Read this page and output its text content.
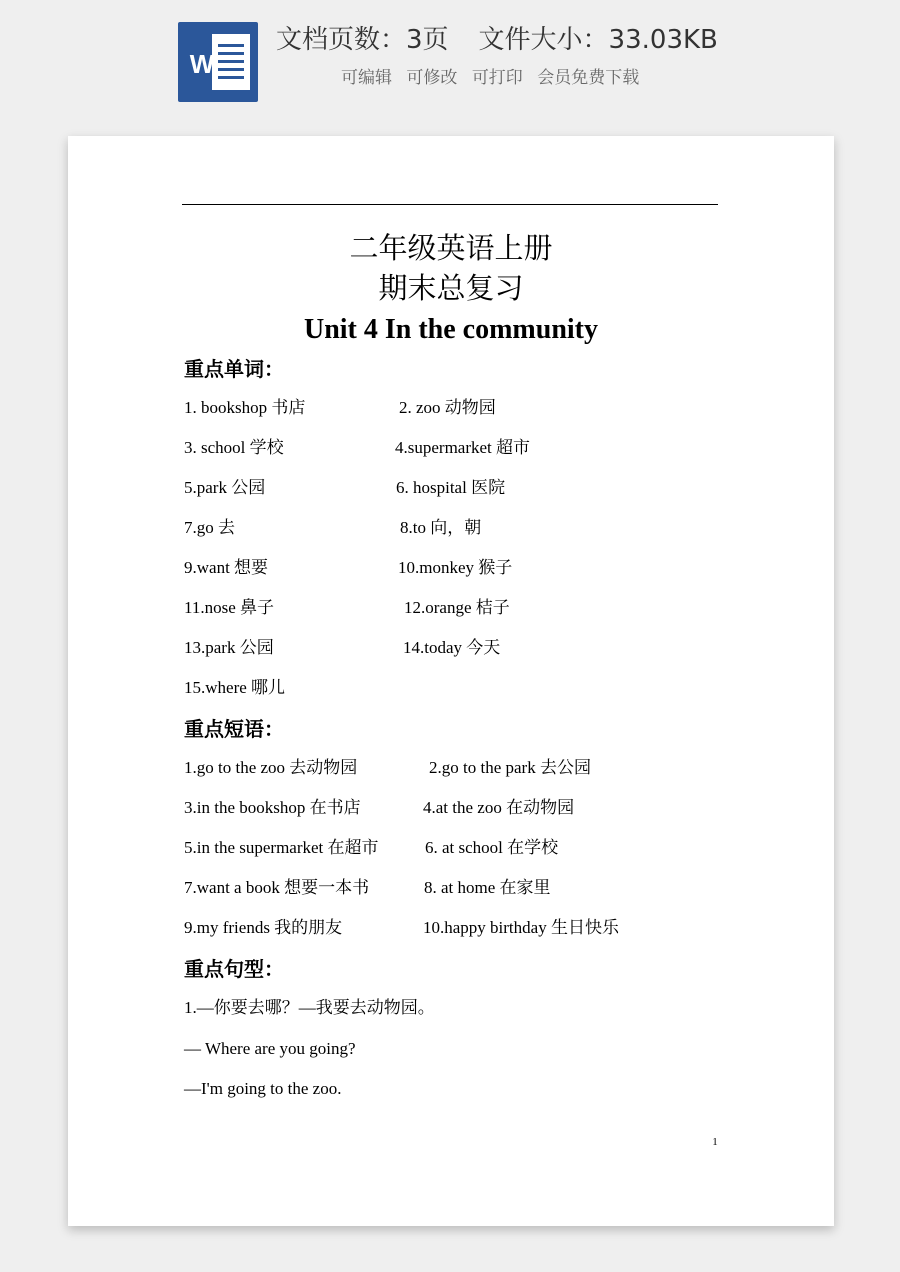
W
文档页数：3页 文件大小：33.03KB
可编辑 可修改 可打印 会员免费下载
二年级英语上册
期末总复习
Unit 4 In the community
重点单词：
1. bookshop 书店	2. zoo 动物园
3. school 学校	4.supermarket 超市
5.park 公园	6. hospital 医院
7.go 去	8.to 向，朝
9.want 想要	10.monkey 猴子
11.nose 鼻子	12.orange 桔子
13.park 公园	14.today 今天
15.where 哪儿
重点短语：
1.go to the zoo 去动物园	2.go to the park 去公园
3.in the bookshop 在书店	4.at the zoo 在动物园
5.in the supermarket 在超市	6. at school 在学校
7.want a book 想要一本书	8. at home 在家里
9.my friends 我的朋友	10.happy birthday 生日快乐
重点句型：
1.—你要去哪？—我要去动物园。
— Where are you going?
—I'm going to the zoo.
1
